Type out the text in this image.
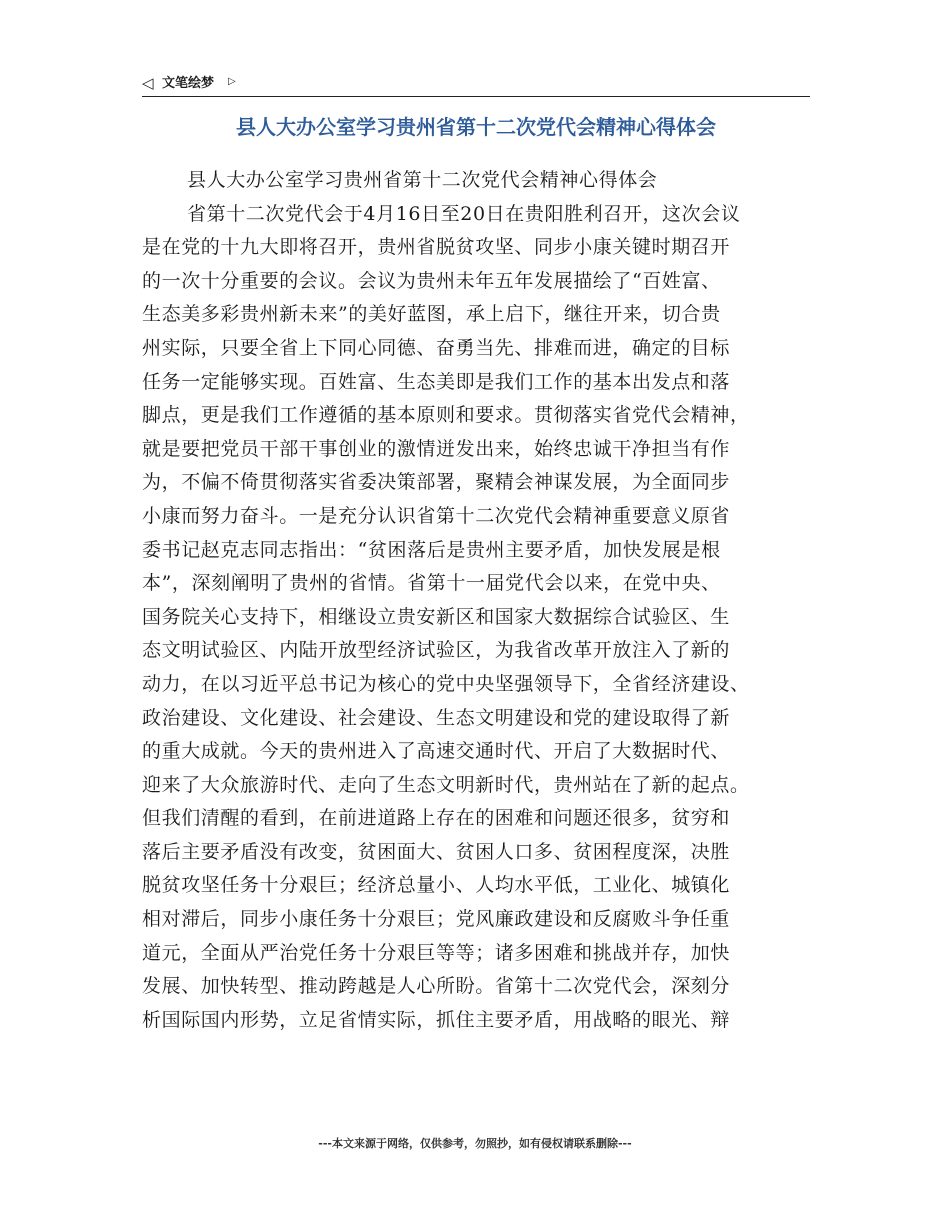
◁ 文笔绘梦 ▷
县人大办公室学习贵州省第十二次党代会精神心得体会
县人大办公室学习贵州省第十二次党代会精神心得体会
省第十二次党代会于4月16日至20日在贵阳胜利召开，这次会议
是在党的十九大即将召开，贵州省脱贫攻坚、同步小康关键时期召开
的一次十分重要的会议。会议为贵州未年五年发展描绘了“百姓富、
生态美多彩贵州新未来”的美好蓝图，承上启下，继往开来，切合贵
州实际，只要全省上下同心同德、奋勇当先、排难而进，确定的目标
任务一定能够实现。百姓富、生态美即是我们工作的基本出发点和落
脚点，更是我们工作遵循的基本原则和要求。贯彻落实省党代会精神，
就是要把党员干部干事创业的激情迸发出来，始终忠诚干净担当有作
为，不偏不倚贯彻落实省委决策部署，聚精会神谋发展，为全面同步
小康而努力奋斗。一是充分认识省第十二次党代会精神重要意义原省
委书记赵克志同志指出：“贫困落后是贵州主要矛盾，加快发展是根
本”，深刻阐明了贵州的省情。省第十一届党代会以来，在党中央、
国务院关心支持下，相继设立贵安新区和国家大数据综合试验区、生
态文明试验区、内陆开放型经济试验区，为我省改革开放注入了新的
动力，在以习近平总书记为核心的党中央坚强领导下，全省经济建设、
政治建设、文化建设、社会建设、生态文明建设和党的建设取得了新
的重大成就。今天的贵州进入了高速交通时代、开启了大数据时代、
迎来了大众旅游时代、走向了生态文明新时代，贵州站在了新的起点。
但我们清醒的看到，在前进道路上存在的困难和问题还很多，贫穷和
落后主要矛盾没有改变，贫困面大、贫困人口多、贫困程度深，决胜
脱贫攻坚任务十分艰巨；经济总量小、人均水平低，工业化、城镇化
相对滞后，同步小康任务十分艰巨；党风廉政建设和反腐败斗争任重
道元，全面从严治党任务十分艰巨等等；诸多困难和挑战并存，加快
发展、加快转型、推动跨越是人心所盼。省第十二次党代会，深刻分
析国际国内形势，立足省情实际，抓住主要矛盾，用战略的眼光、辩
---本文来源于网络，仅供参考，勿照抄，如有侵权请联系删除---
